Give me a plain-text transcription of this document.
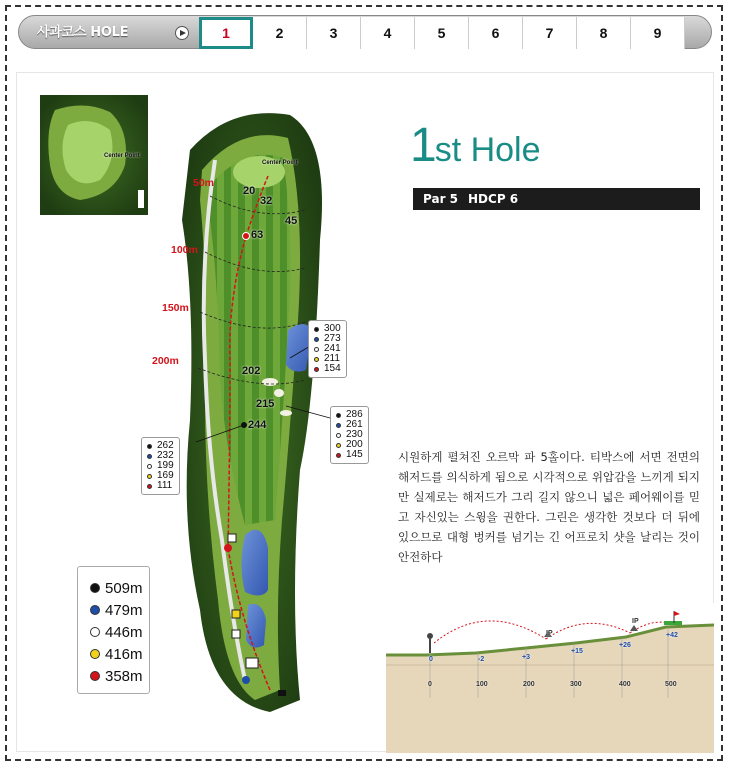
사과코스 HOLE	1	2	3	4	5	6	7	8	9
Center Point
Center Point
50m
100m
150m
200m
20
32
45
63
202
215
244
300
273
241
211
154
286
261
230
200
145
262
232
199
169
111
509m
479m
446m
416m
358m
1st Hole
Par 5 HDCP 6
시원하게 펼쳐진 오르막 파 5홀이다. 티박스에 서면 전면의 해저드를 의식하게 됨으로 시각적으로 위압감을 느끼게 되지만 실제로는 해저드가 그리 길지 않으니 넓은 페어웨이를 믿고 자신있는 스윙을 권한다. 그린은 생각한 것보다 더 뒤에 있으므로 대형 벙커를 넘기는 긴 어프로치 샷을 날리는 것이 안전하다
0	-2	+3
+15
+26
+42
0	100	200	300	400	500
IP
IP
